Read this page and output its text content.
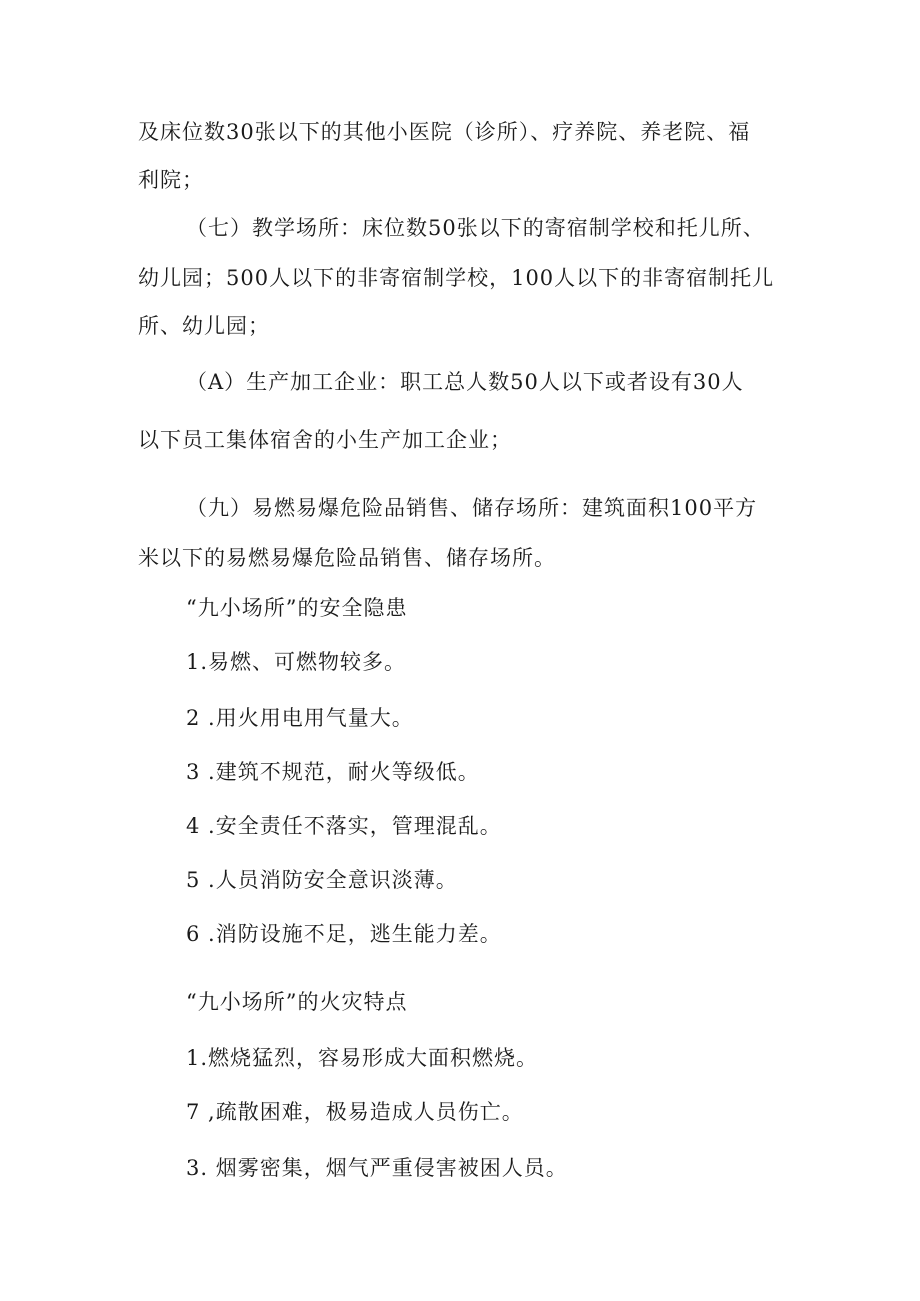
及床位数30张以下的其他小医院（诊所）、疗养院、养老院、福
利院；
（七）教学场所：床位数50张以下的寄宿制学校和托儿所、
幼儿园；500人以下的非寄宿制学校，100人以下的非寄宿制托儿
所、幼儿园；
（A）生产加工企业：职工总人数50人以下或者设有30人
以下员工集体宿舍的小生产加工企业；
（九）易燃易爆危险品销售、储存场所：建筑面积100平方
米以下的易燃易爆危险品销售、储存场所。
“九小场所”的安全隐患
1.易燃、可燃物较多。
2 .用火用电用气量大。
3 .建筑不规范，耐火等级低。
4 .安全责任不落实，管理混乱。
5 .人员消防安全意识淡薄。
6 .消防设施不足，逃生能力差。
“九小场所”的火灾特点
1.燃烧猛烈，容易形成大面积燃烧。
7 ,疏散困难，极易造成人员伤亡。
3. 烟雾密集，烟气严重侵害被困人员。
